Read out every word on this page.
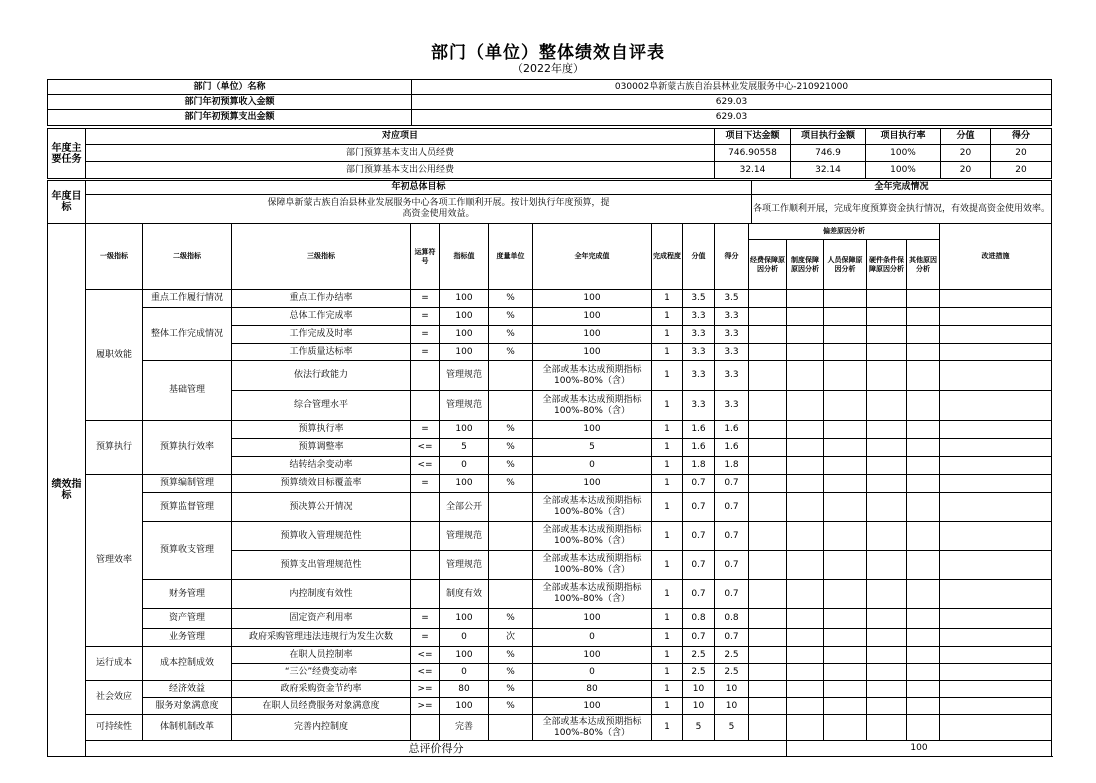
部门（单位）整体绩效自评表
（2022年度）
部门（单位）名称	030002阜新蒙古族自治县林业发展服务中心-210921000
部门年初预算收入金额	629.03
部门年初预算支出金额	629.03
年度主要任务	对应项目	项目下达金额	项目执行金额	项目执行率	分值	得分
	部门预算基本支出人员经费	746.90558	746.9	100%	20	20
	部门预算基本支出公用经费	32.14	32.14	100%	20	20
年度目标	年初总体目标	全年完成情况
	保障阜新蒙古族自治县林业发展服务中心各项工作顺利开展。按计划执行年度预算，提高资金使用效益。	各项工作顺利开展，完成年度预算资金执行情况，有效提高资金使用效率。
绩效指标	一级指标	二级指标	三级指标	运算符号	指标值	度量单位	全年完成值	完成程度	分值	得分	偏差原因分析					改进措施
											经费保障原因分析	制度保障原因分析	人员保障原因分析	硬件条件保障原因分析	其他原因分析	
	履职效能	重点工作履行情况	重点工作办结率	=	100	%	100	1	3.5	3.5						
		整体工作完成情况	总体工作完成率	=	100	%	100	1	3.3	3.3						
			工作完成及时率	=	100	%	100	1	3.3	3.3						
			工作质量达标率	=	100	%	100	1	3.3	3.3						
		基础管理	依法行政能力		管理规范		全部或基本达成预期指标100%-80%（含）	1	3.3	3.3						
			综合管理水平		管理规范		全部或基本达成预期指标100%-80%（含）	1	3.3	3.3						
	预算执行	预算执行效率	预算执行率	=	100	%	100	1	1.6	1.6						
			预算调整率	<=	5	%	5	1	1.6	1.6						
			结转结余变动率	<=	0	%	0	1	1.8	1.8						
	管理效率	预算编制管理	预算绩效目标覆盖率	=	100	%	100	1	0.7	0.7						
		预算监督管理	预决算公开情况		全部公开		全部或基本达成预期指标100%-80%（含）	1	0.7	0.7						
		预算收支管理	预算收入管理规范性		管理规范		全部或基本达成预期指标100%-80%（含）	1	0.7	0.7						
			预算支出管理规范性		管理规范		全部或基本达成预期指标100%-80%（含）	1	0.7	0.7						
		财务管理	内控制度有效性		制度有效		全部或基本达成预期指标100%-80%（含）	1	0.7	0.7						
		资产管理	固定资产利用率	=	100	%	100	1	0.8	0.8						
		业务管理	政府采购管理违法违规行为发生次数	=	0	次	0	1	0.7	0.7						
	运行成本	成本控制成效	在职人员控制率	<=	100	%	100	1	2.5	2.5						
			“三公”经费变动率	<=	0	%	0	1	2.5	2.5						
	社会效应	经济效益	政府采购资金节约率	>=	80	%	80	1	10	10						
		服务对象满意度	在职人员经费服务对象满意度	>=	100	%	100	1	10	10						
	可持续性	体制机制改革	完善内控制度		完善		全部或基本达成预期指标100%-80%（含）	1	5	5						
	总评价得分											100				
